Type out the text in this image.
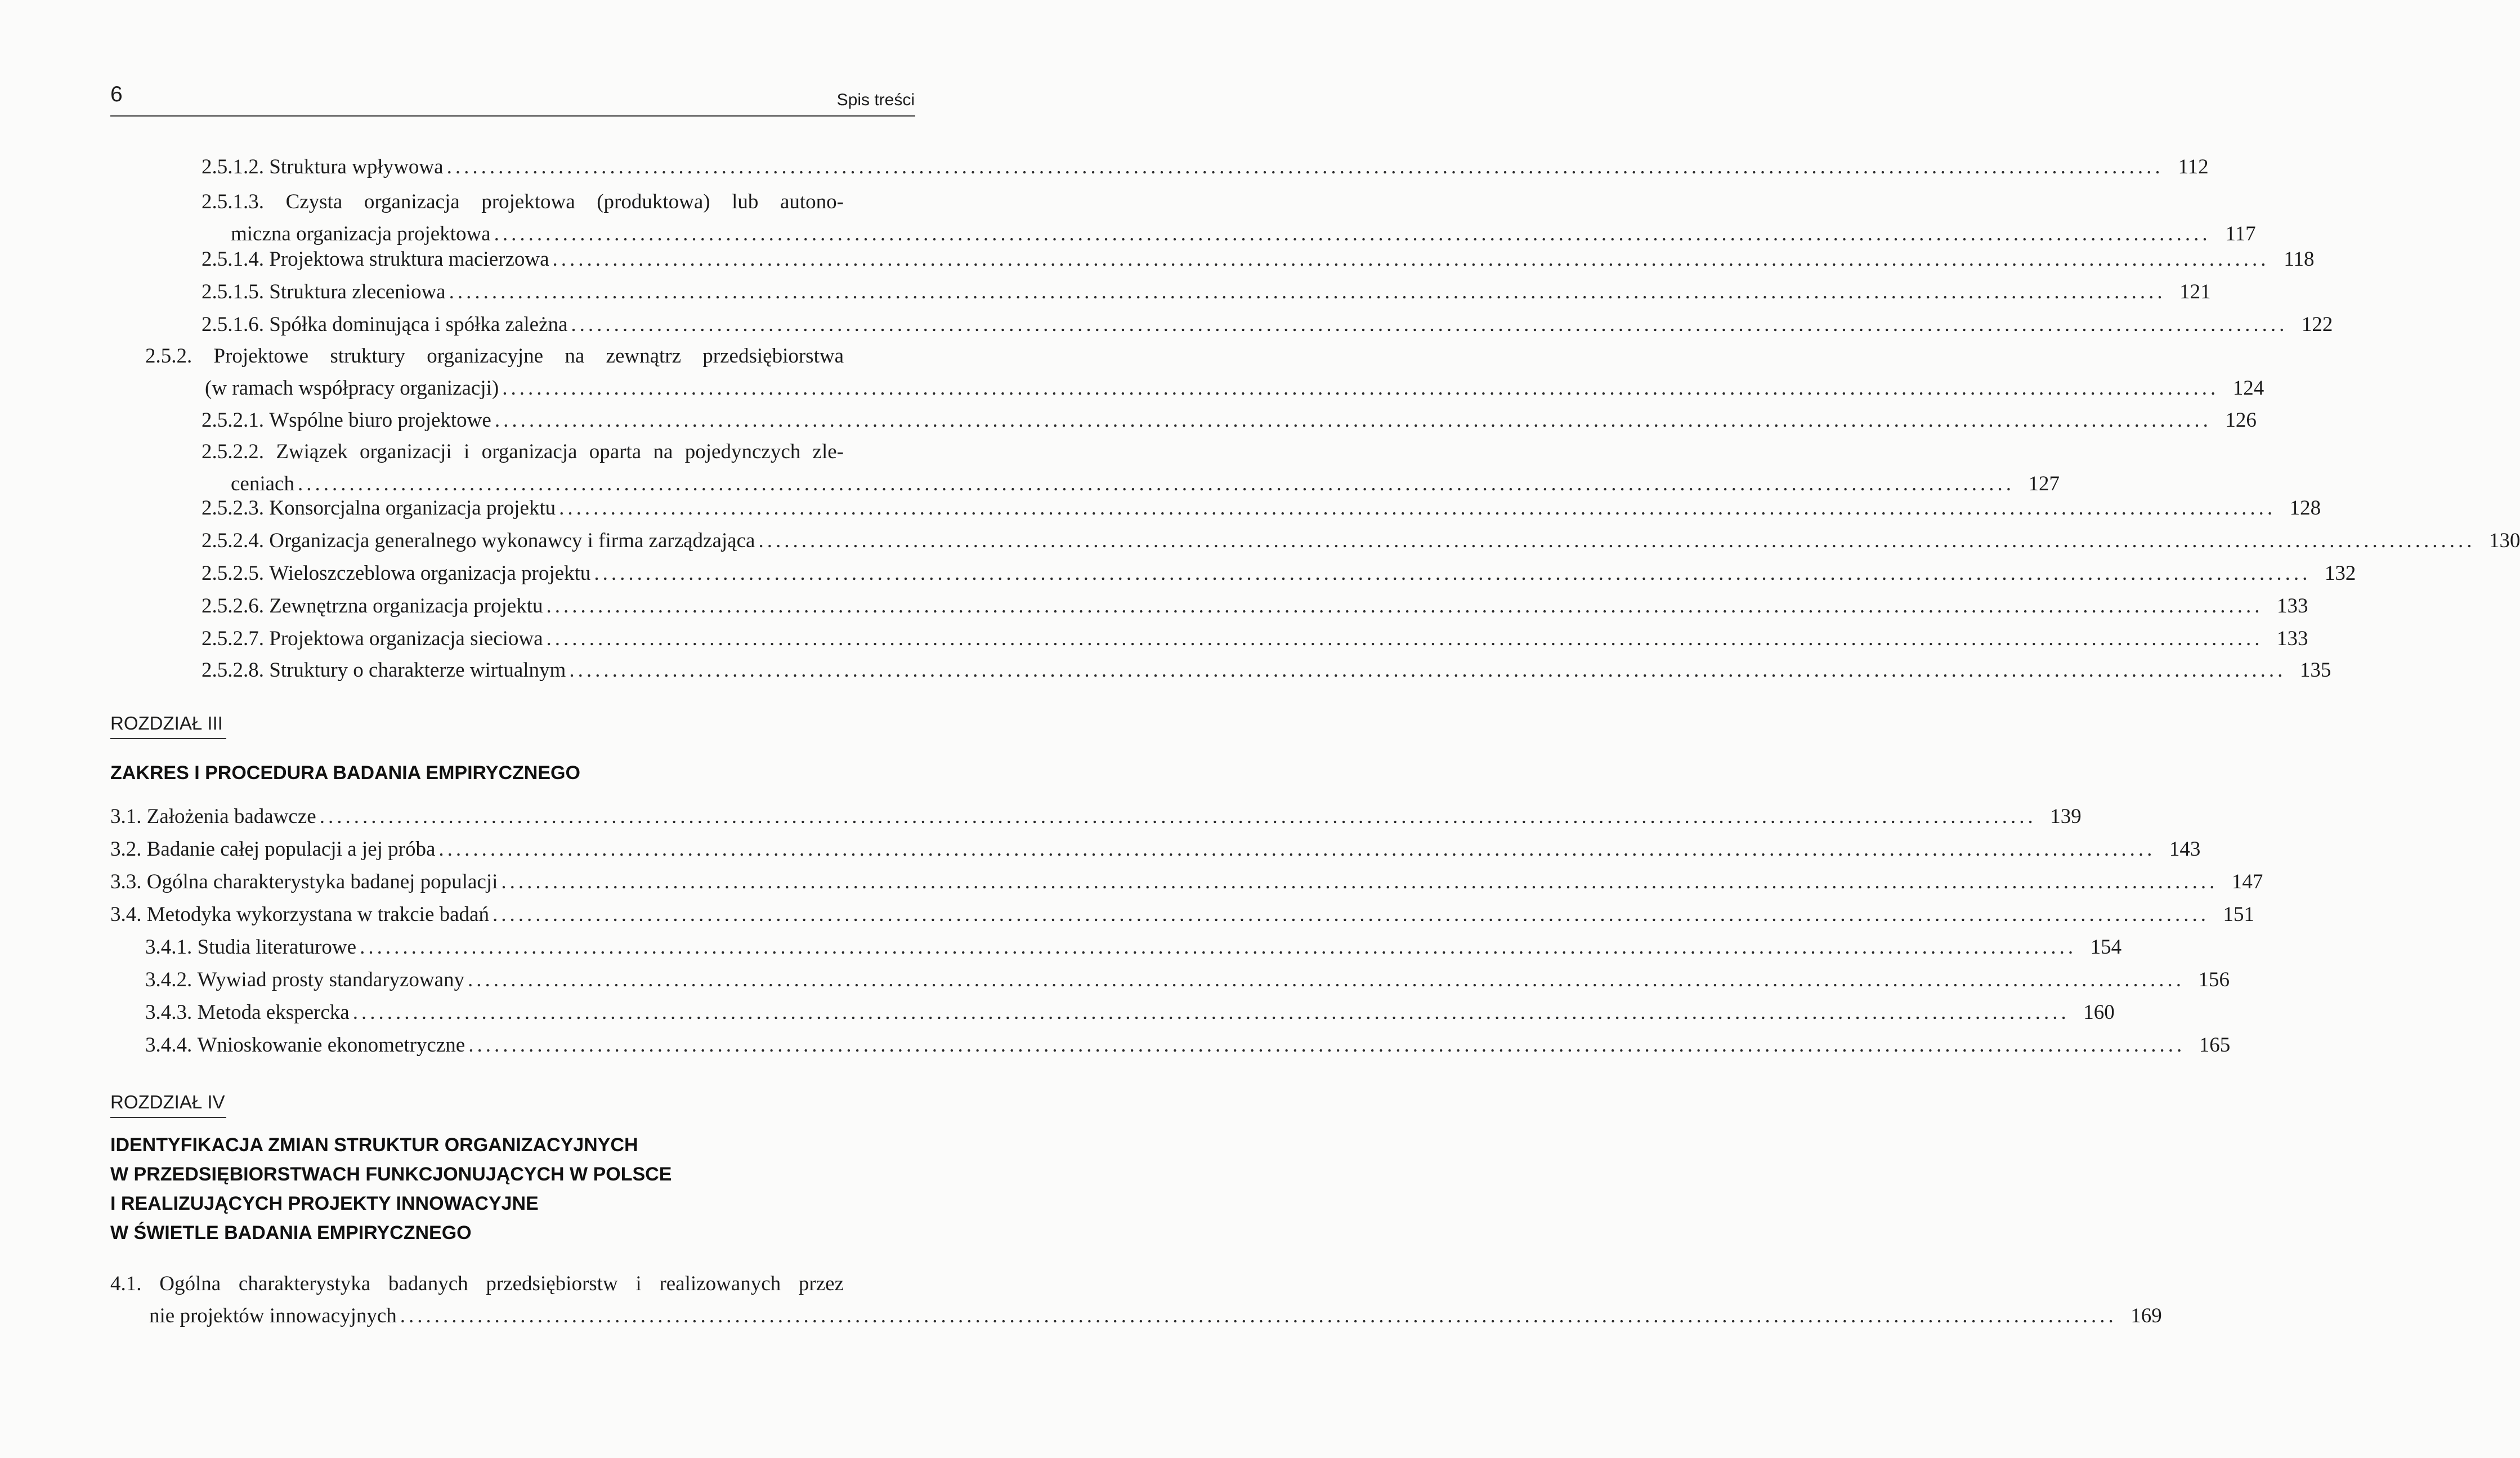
6	Spis treści
2.5.1.2.
Struktura wpływowa ........................................................................................................................................................................................................ 112
2.5.1.3. Czysta organizacja projektowa (produktowa) lub autono-
miczna organizacja projektowa ........................................................................................................................................................................................................ 117
2.5.1.4.
Projektowa struktura macierzowa ........................................................................................................................................................................................................ 118
2.5.1.5.
Struktura zleceniowa ........................................................................................................................................................................................................ 121
2.5.1.6.
Spółka dominująca i spółka zależna ........................................................................................................................................................................................................ 122
2.5.2. Projektowe struktury organizacyjne na zewnątrz przedsiębiorstwa
(w ramach współpracy organizacji) ........................................................................................................................................................................................................ 124
2.5.2.1.
Wspólne biuro projektowe ........................................................................................................................................................................................................ 126
2.5.2.2. Związek organizacji i organizacja oparta na pojedynczych zle-
ceniach ........................................................................................................................................................................................................ 127
2.5.2.3.
Konsorcjalna organizacja projektu ........................................................................................................................................................................................................ 128
2.5.2.4.
Organizacja generalnego wykonawcy i firma zarządzająca ........................................................................................................................................................................................................ 130
2.5.2.5.
Wieloszczeblowa organizacja projektu ........................................................................................................................................................................................................ 132
2.5.2.6.
Zewnętrzna organizacja projektu ........................................................................................................................................................................................................ 133
2.5.2.7.
Projektowa organizacja sieciowa ........................................................................................................................................................................................................ 133
2.5.2.8.
Struktury o charakterze wirtualnym ........................................................................................................................................................................................................ 135
ROZDZIAŁ III
ZAKRES I PROCEDURA BADANIA EMPIRYCZNEGO
3.1.
Założenia badawcze ........................................................................................................................................................................................................ 139
3.2.
Badanie całej populacji a jej próba ........................................................................................................................................................................................................ 143
3.3.
Ogólna charakterystyka badanej populacji ........................................................................................................................................................................................................ 147
3.4.
Metodyka wykorzystana w trakcie badań ........................................................................................................................................................................................................ 151
3.4.1.
Studia literaturowe ........................................................................................................................................................................................................ 154
3.4.2.
Wywiad prosty standaryzowany ........................................................................................................................................................................................................ 156
3.4.3.
Metoda ekspercka ........................................................................................................................................................................................................ 160
3.4.4.
Wnioskowanie ekonometryczne ........................................................................................................................................................................................................ 165
ROZDZIAŁ IV
IDENTYFIKACJA ZMIAN STRUKTUR ORGANIZACYJNYCH
W PRZEDSIĘBIORSTWACH FUNKCJONUJĄCYCH W POLSCE
I REALIZUJĄCYCH PROJEKTY INNOWACYJNE
W ŚWIETLE BADANIA EMPIRYCZNEGO
4.1. Ogólna charakterystyka badanych przedsiębiorstw i realizowanych przez
nie projektów innowacyjnych ........................................................................................................................................................................................................ 169
